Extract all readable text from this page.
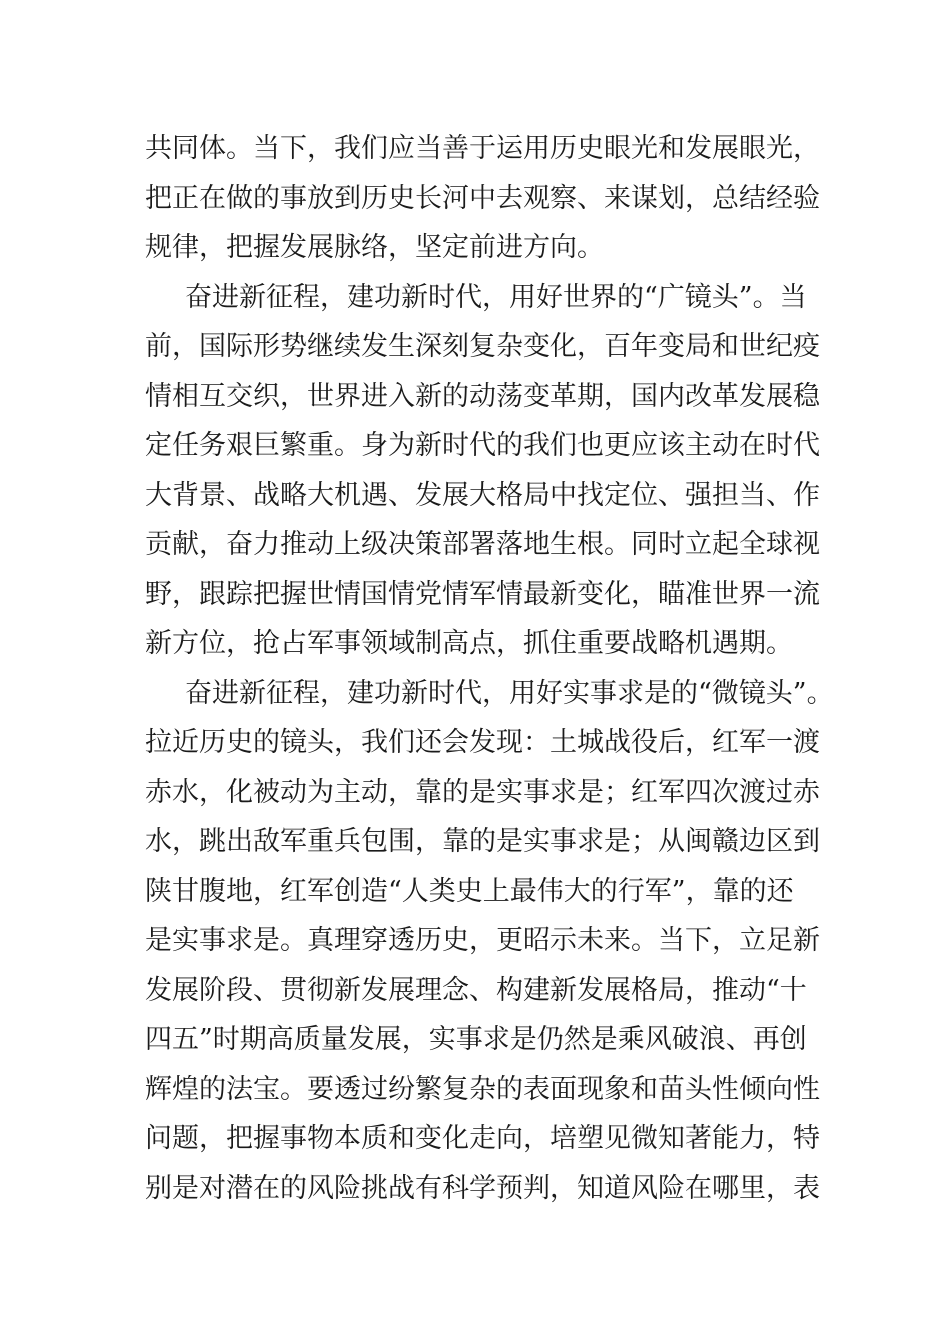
共同体。当下，我们应当善于运用历史眼光和发展眼光，
把正在做的事放到历史长河中去观察、来谋划，总结经验
规律，把握发展脉络，坚定前进方向。
奋进新征程，建功新时代，用好世界的“广镜头”。当
前，国际形势继续发生深刻复杂变化，百年变局和世纪疫
情相互交织，世界进入新的动荡变革期，国内改革发展稳
定任务艰巨繁重。身为新时代的我们也更应该主动在时代
大背景、战略大机遇、发展大格局中找定位、强担当、作
贡献，奋力推动上级决策部署落地生根。同时立起全球视
野，跟踪把握世情国情党情军情最新变化，瞄准世界一流
新方位，抢占军事领域制高点，抓住重要战略机遇期。
奋进新征程，建功新时代，用好实事求是的“微镜头”。
拉近历史的镜头，我们还会发现：土城战役后，红军一渡
赤水，化被动为主动，靠的是实事求是；红军四次渡过赤
水，跳出敌军重兵包围，靠的是实事求是；从闽赣边区到
陕甘腹地，红军创造“人类史上最伟大的行军”，靠的还
是实事求是。真理穿透历史，更昭示未来。当下，立足新
发展阶段、贯彻新发展理念、构建新发展格局，推动“十
四五”时期高质量发展，实事求是仍然是乘风破浪、再创
辉煌的法宝。要透过纷繁复杂的表面现象和苗头性倾向性
问题，把握事物本质和变化走向，培塑见微知著能力，特
别是对潜在的风险挑战有科学预判，知道风险在哪里，表
